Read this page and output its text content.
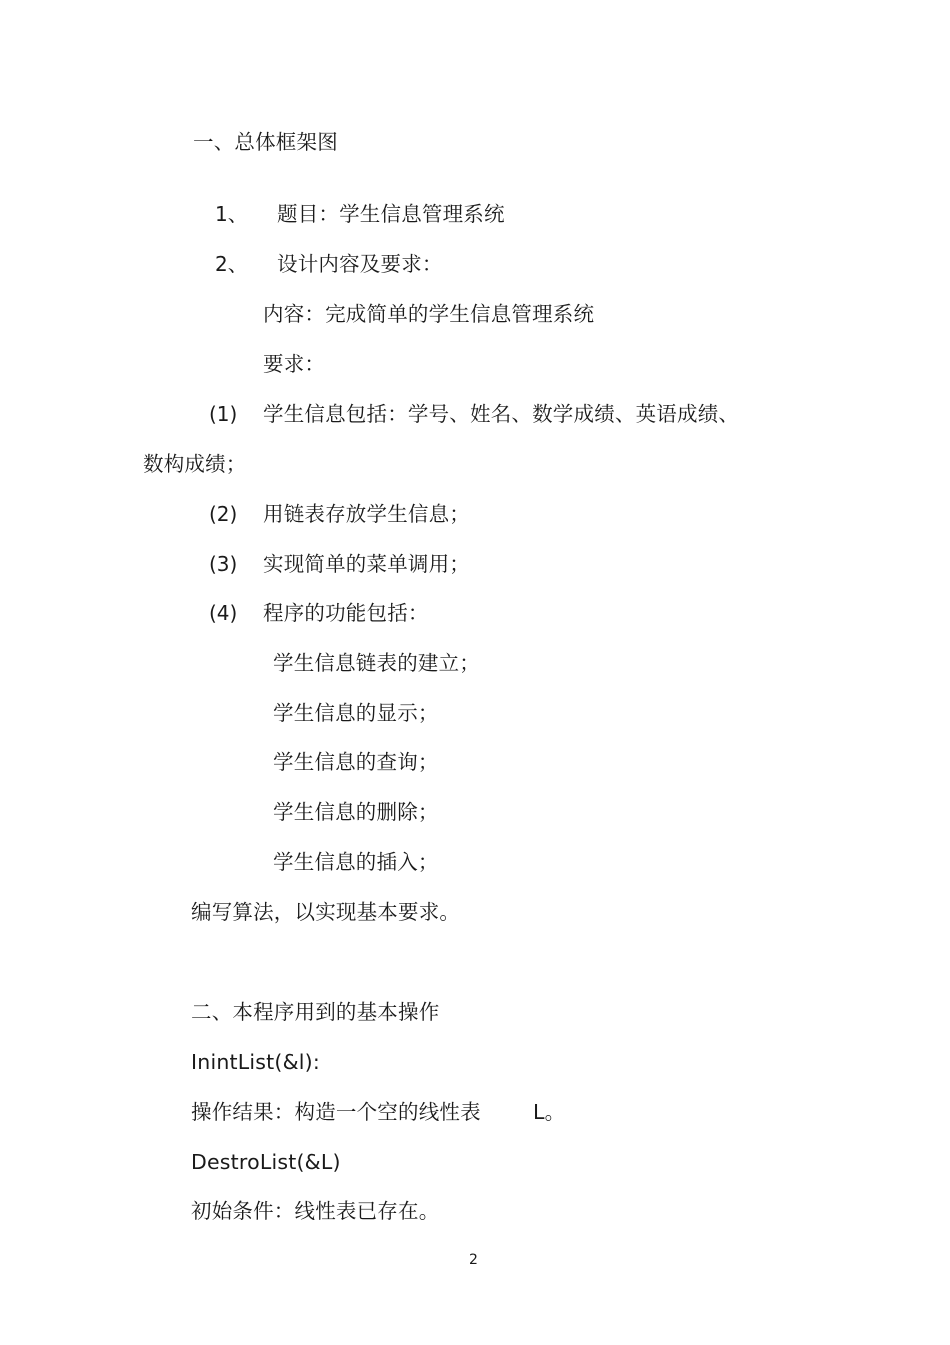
一、总体框架图
1、 题目：学生信息管理系统
2、 设计内容及要求：
内容：完成简单的学生信息管理系统
要求：
(1) 学生信息包括：学号、姓名、数学成绩、英语成绩、
数构成绩；
(2) 用链表存放学生信息；
(3) 实现简单的菜单调用；
(4) 程序的功能包括：
学生信息链表的建立；
学生信息的显示；
学生信息的查询；
学生信息的删除；
学生信息的插入；
编写算法，以实现基本要求。
二、本程序用到的基本操作
InintList(&l):
操作结果：构造一个空的线性表	L。
DestroList(&L)
初始条件：线性表已存在。
2
